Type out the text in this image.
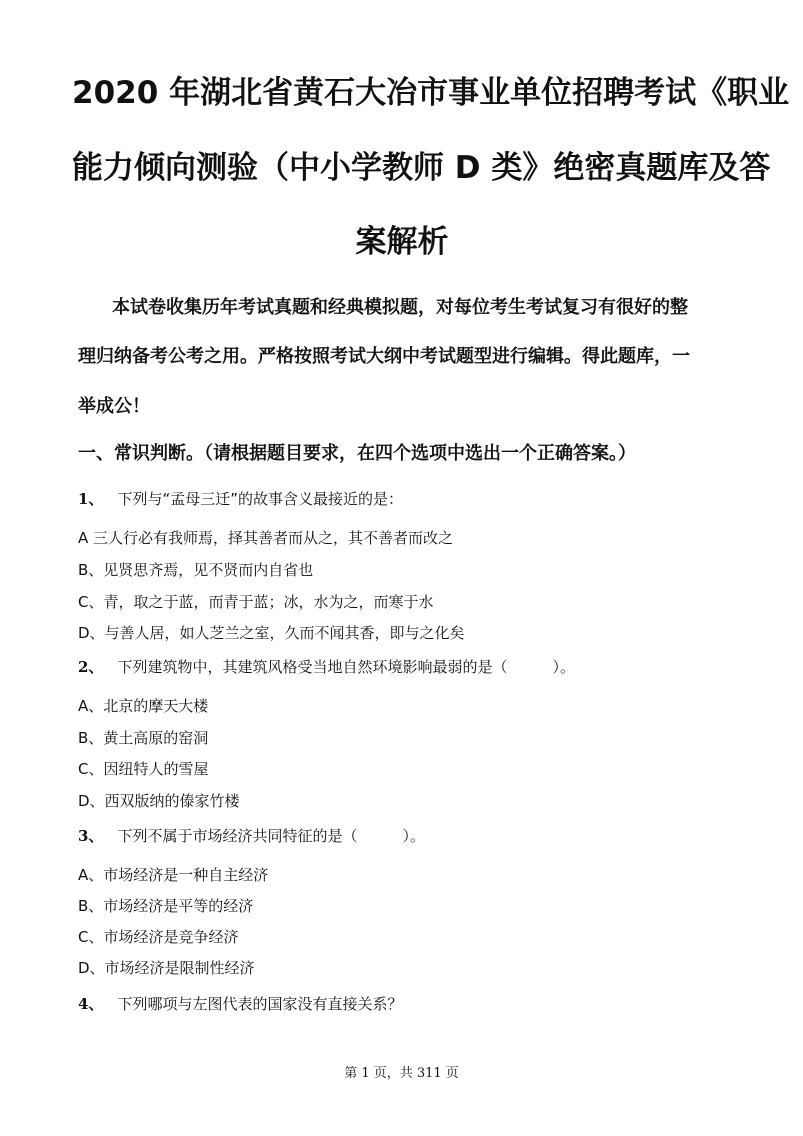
2020 年湖北省黄石大冶市事业单位招聘考试《职业
能力倾向测验（中小学教师 D 类》绝密真题库及答
案解析
本试卷收集历年考试真题和经典模拟题，对每位考生考试复习有很好的整
理归纳备考公考之用。严格按照考试大纲中考试题型进行编辑。得此题库，一
举成公！
一、常识判断。（请根据题目要求，在四个选项中选出一个正确答案。）
1、 下列与“孟母三迁”的故事含义最接近的是：
A 三人行必有我师焉，择其善者而从之，其不善者而改之
B、见贤思齐焉，见不贤而内自省也
C、青，取之于蓝，而青于蓝；冰，水为之，而寒于水
D、与善人居，如人芝兰之室，久而不闻其香，即与之化矣
2、 下列建筑物中，其建筑风格受当地自然环境影响最弱的是（　　　）。
A、北京的摩天大楼
B、黄土高原的窑洞
C、因纽特人的雪屋
D、西双版纳的傣家竹楼
3、 下列不属于市场经济共同特征的是（　　　）。
A、市场经济是一种自主经济
B、市场经济是平等的经济
C、市场经济是竞争经济
D、市场经济是限制性经济
4、 下列哪项与左图代表的国家没有直接关系？
第 1 页，共 311 页
